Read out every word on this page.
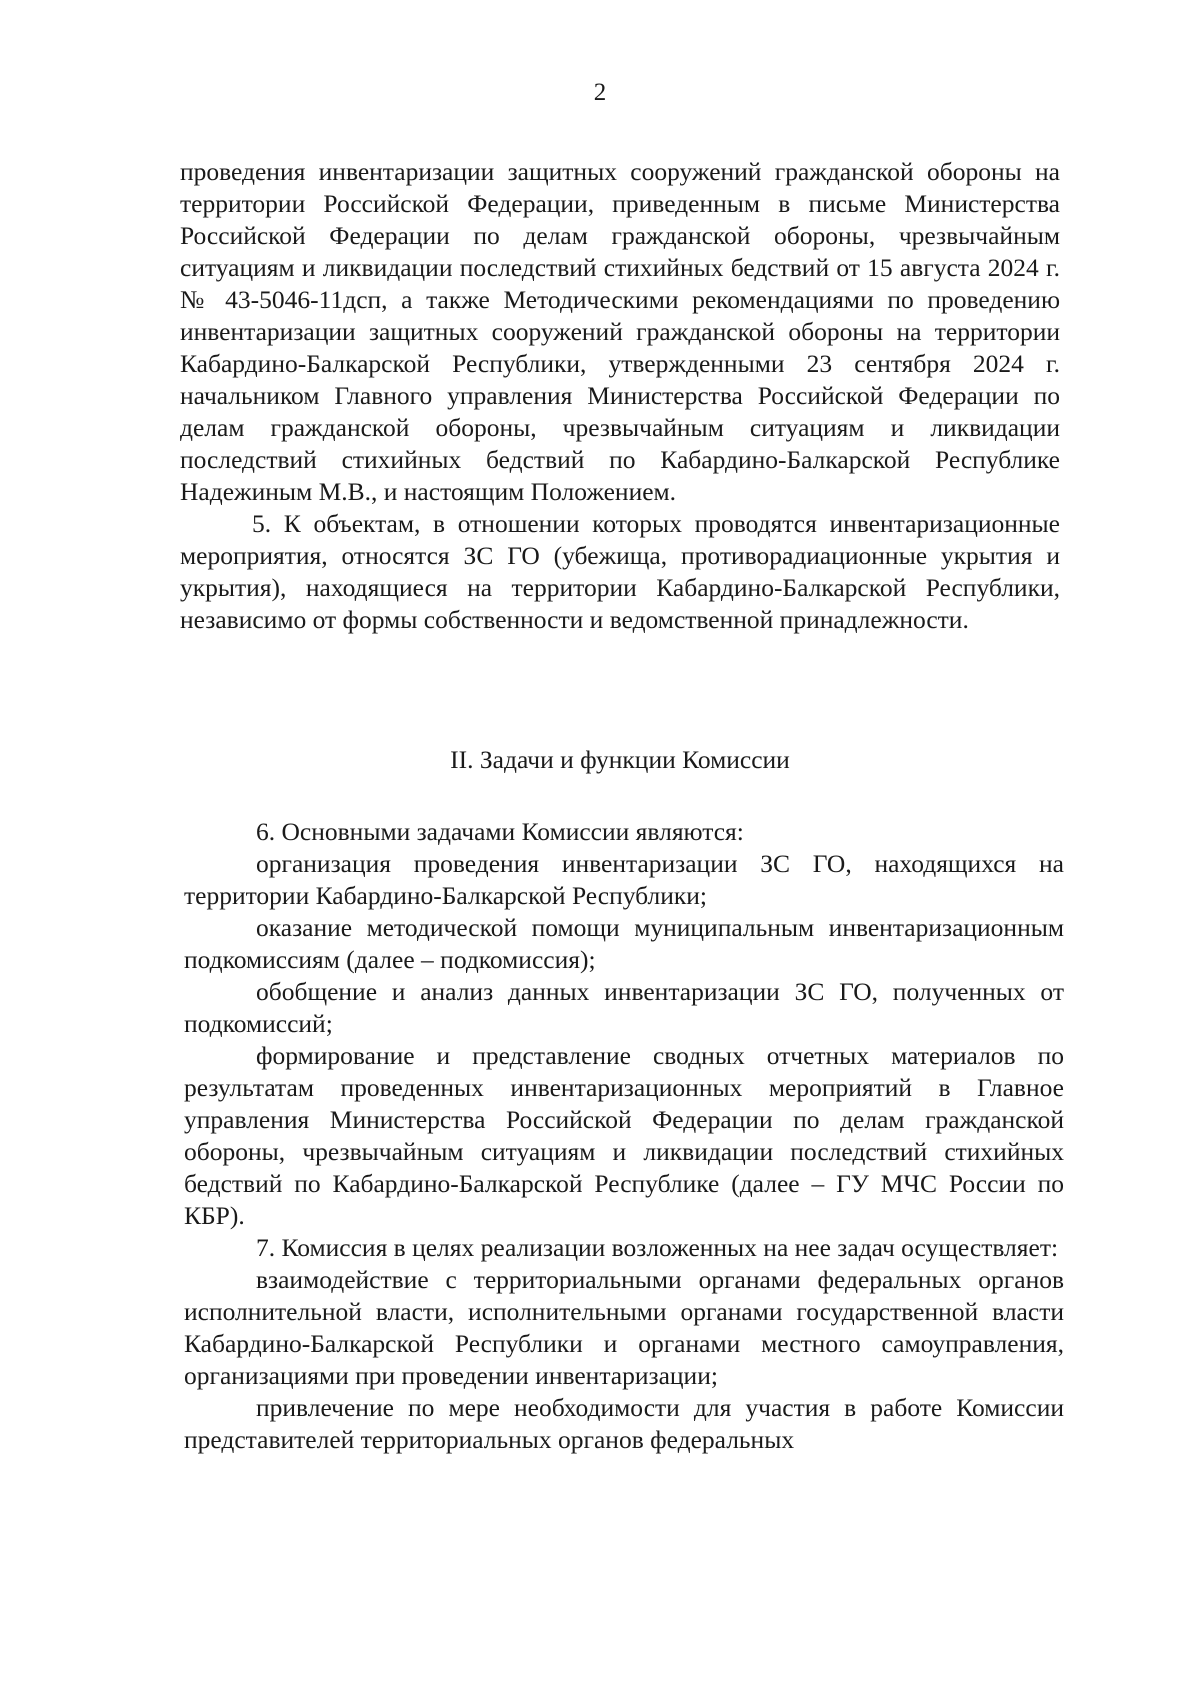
2

проведения инвентаризации защитных сооружений гражданской обороны на территории Российской Федерации, приведенным в письме Министерства Российской Федерации по делам гражданской обороны, чрезвычайным ситуациям и ликвидации последствий стихийных бедствий от 15 августа 2024 г. № 43-5046-11дсп, а также Методическими рекомендациями по проведению инвентаризации защитных сооружений гражданской обороны на территории Кабардино-Балкарской Республики, утвержденными 23 сентября 2024 г. начальником Главного управления Министерства Российской Федерации по делам гражданской обороны, чрезвычайным ситуациям и ликвидации последствий стихийных бедствий по Кабардино-Балкарской Республике Надежиным М.В., и настоящим Положением.

5. К объектам, в отношении которых проводятся инвентаризационные мероприятия, относятся ЗС ГО (убежища, противорадиационные укрытия и укрытия), находящиеся на территории Кабардино-Балкарской Республики, независимо от формы собственности и ведомственной принадлежности.

II. Задачи и функции Комиссии

6. Основными задачами Комиссии являются:

организация проведения инвентаризации ЗС ГО, находящихся на территории Кабардино-Балкарской Республики;

оказание методической помощи муниципальным инвентаризационным подкомиссиям (далее – подкомиссия);

обобщение и анализ данных инвентаризации ЗС ГО, полученных от подкомиссий;

формирование и представление сводных отчетных материалов по результатам проведенных инвентаризационных мероприятий в Главное управления Министерства Российской Федерации по делам гражданской обороны, чрезвычайным ситуациям и ликвидации последствий стихийных бедствий по Кабардино-Балкарской Республике (далее – ГУ МЧС России по КБР).

7. Комиссия в целях реализации возложенных на нее задач осуществляет:

взаимодействие с территориальными органами федеральных органов исполнительной власти, исполнительными органами государственной власти Кабардино-Балкарской Республики и органами местного самоуправления, организациями при проведении инвентаризации;

привлечение по мере необходимости для участия в работе Комиссии представителей территориальных органов федеральных
